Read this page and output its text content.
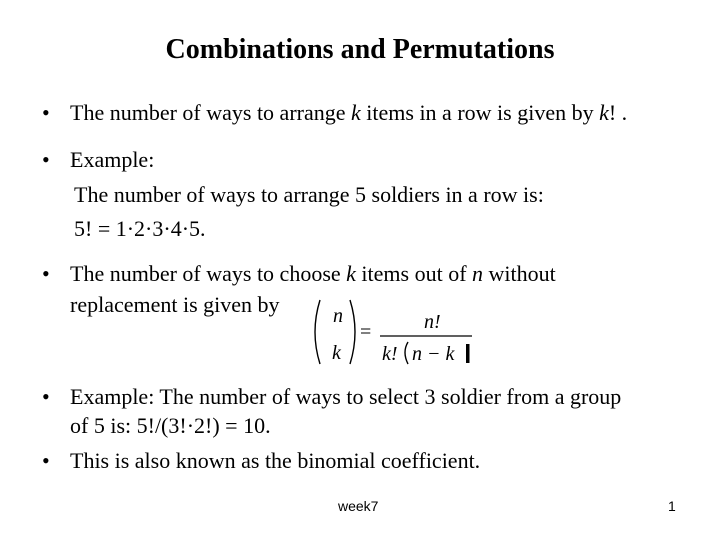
Combinations and Permutations
• The number of ways to arrange k items in a row is given by k! .
• Example:
The number of ways to arrange 5 soldiers in a row is:
5! = 1·2·3·4·5.
• The number of ways to choose k items out of n without
replacement is given by	n
k
=	n!
k! n − k
• Example: The number of ways to select 3 soldier from a group
of 5 is: 5!/(3!·2!) = 10.
• This is also known as the binomial coefficient.
week7	1
